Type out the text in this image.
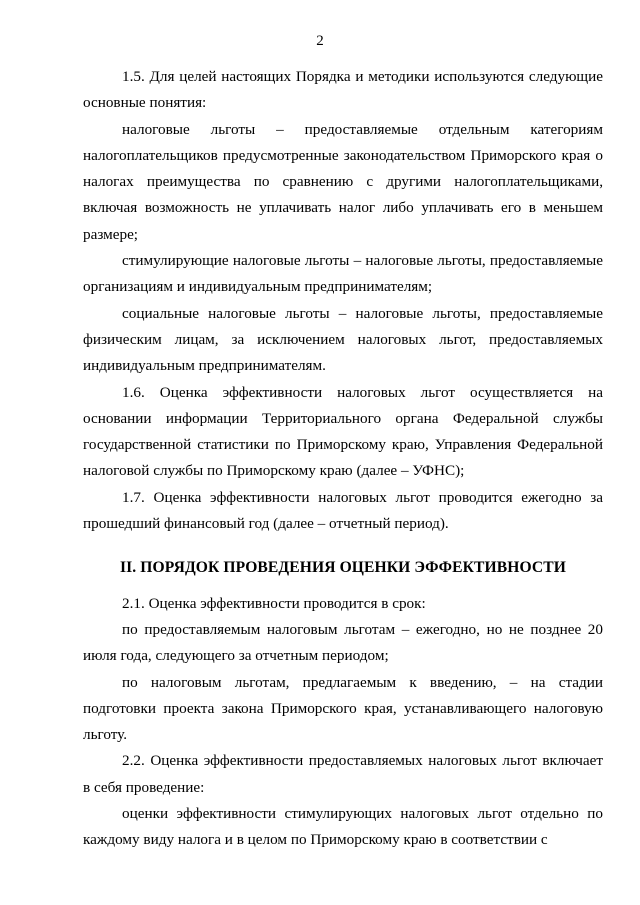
2

1.5. Для целей настоящих Порядка и методики используются следующие основные понятия:

налоговые льготы – предоставляемые отдельным категориям налогоплательщиков предусмотренные законодательством Приморского края о налогах преимущества по сравнению с другими налогоплательщиками, включая возможность не уплачивать налог либо уплачивать его в меньшем размере;

стимулирующие налоговые льготы – налоговые льготы, предоставляемые организациям и индивидуальным предпринимателям;

социальные налоговые льготы – налоговые льготы, предоставляемые физическим лицам, за исключением налоговых льгот, предоставляемых индивидуальным предпринимателям.

1.6. Оценка эффективности налоговых льгот осуществляется на основании информации Территориального органа Федеральной службы государственной статистики по Приморскому краю, Управления Федеральной налоговой службы по Приморскому краю (далее – УФНС);

1.7. Оценка эффективности налоговых льгот проводится ежегодно за прошедший финансовый год (далее – отчетный период).

II. ПОРЯДОК ПРОВЕДЕНИЯ ОЦЕНКИ ЭФФЕКТИВНОСТИ

2.1. Оценка эффективности проводится в срок:

по предоставляемым налоговым льготам – ежегодно, но не позднее 20 июля года, следующего за отчетным периодом;

по налоговым льготам, предлагаемым к введению, – на стадии подготовки проекта закона Приморского края, устанавливающего налоговую льготу.

2.2. Оценка эффективности предоставляемых налоговых льгот включает в себя проведение:

оценки эффективности стимулирующих налоговых льгот отдельно по каждому виду налога и в целом по Приморскому краю в соответствии с
